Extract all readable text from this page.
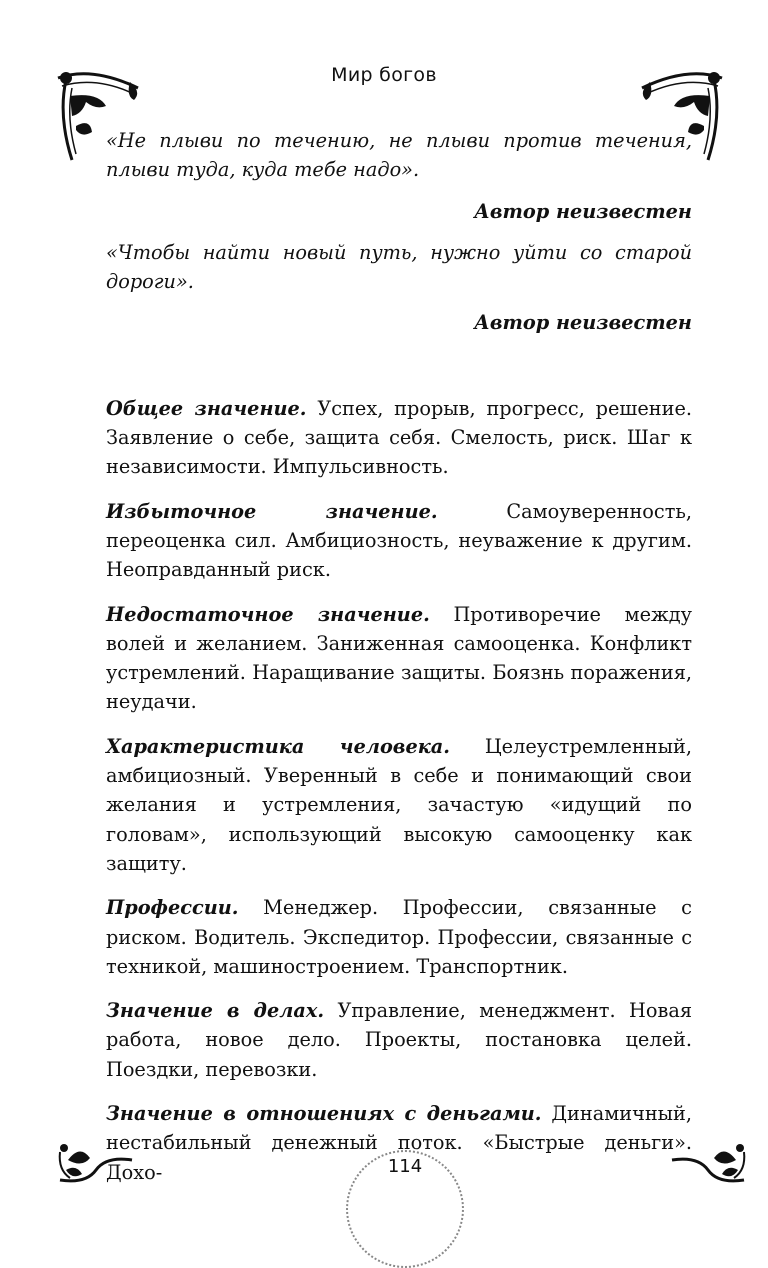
Мир богов

«Не плыви по течению, не плыви против течения, плыви туда, куда тебе надо».

Автор неизвестен

«Чтобы найти новый путь, нужно уйти со старой дороги».

Автор неизвестен

Общее значение. Успех, прорыв, прогресс, решение. Заявление о себе, защита себя. Смелость, риск. Шаг к независимости. Импульсивность.

Избыточное значение. Самоуверенность, переоценка сил. Амбициозность, неуважение к другим. Неоправданный риск.

Недостаточное значение. Противоречие между волей и желанием. Заниженная самооценка. Конфликт устремлений. Наращивание защиты. Боязнь поражения, неудачи.

Характеристика человека. Целеустремленный, амбициозный. Уверенный в себе и понимающий свои желания и устремления, зачастую «идущий по головам», использующий высокую самооценку как защиту.

Профессии. Менеджер. Профессии, связанные с риском. Водитель. Экспедитор. Профессии, связанные с техникой, машиностроением. Транспортник.

Значение в делах. Управление, менеджмент. Новая работа, новое дело. Проекты, постановка целей. Поездки, перевозки.

Значение в отношениях с деньгами. Динамичный, нестабильный денежный поток. «Быстрые деньги». Дохо-	114
